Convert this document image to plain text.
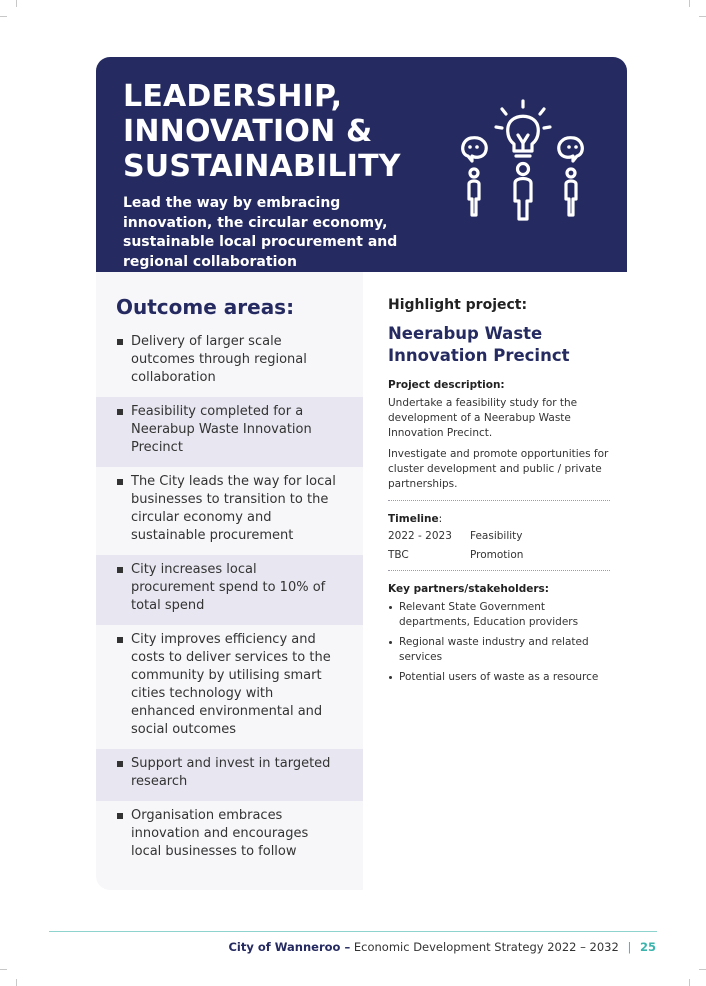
LEADERSHIP,
INNOVATION &
SUSTAINABILITY

Lead the way by embracing innovation, the circular economy, sustainable local procurement and regional collaboration

Outcome areas:
Delivery of larger scale outcomes through regional collaboration
Feasibility completed for a Neerabup Waste Innovation Precinct
The City leads the way for local businesses to transition to the circular economy and sustainable procurement
City increases local procurement spend to 10% of total spend
City improves efficiency and costs to deliver services to the community by utilising smart cities technology with enhanced environmental and social outcomes
Support and invest in targeted research
Organisation embraces innovation and encourages local businesses to follow
Highlight project:
Neerabup Waste
Innovation Precinct
Project description:

Undertake a feasibility study for the development of a Neerabup Waste Innovation Precinct.

Investigate and promote opportunities for cluster development and public / private partnerships.

Timeline:
2022 - 2023	Feasibility
TBC	Promotion
Key partners/stakeholders:
Relevant State Government departments, Education providers
Regional waste industry and related services
Potential users of waste as a resource
City of Wanneroo – Economic Development Strategy 2022 – 2032 | 25
